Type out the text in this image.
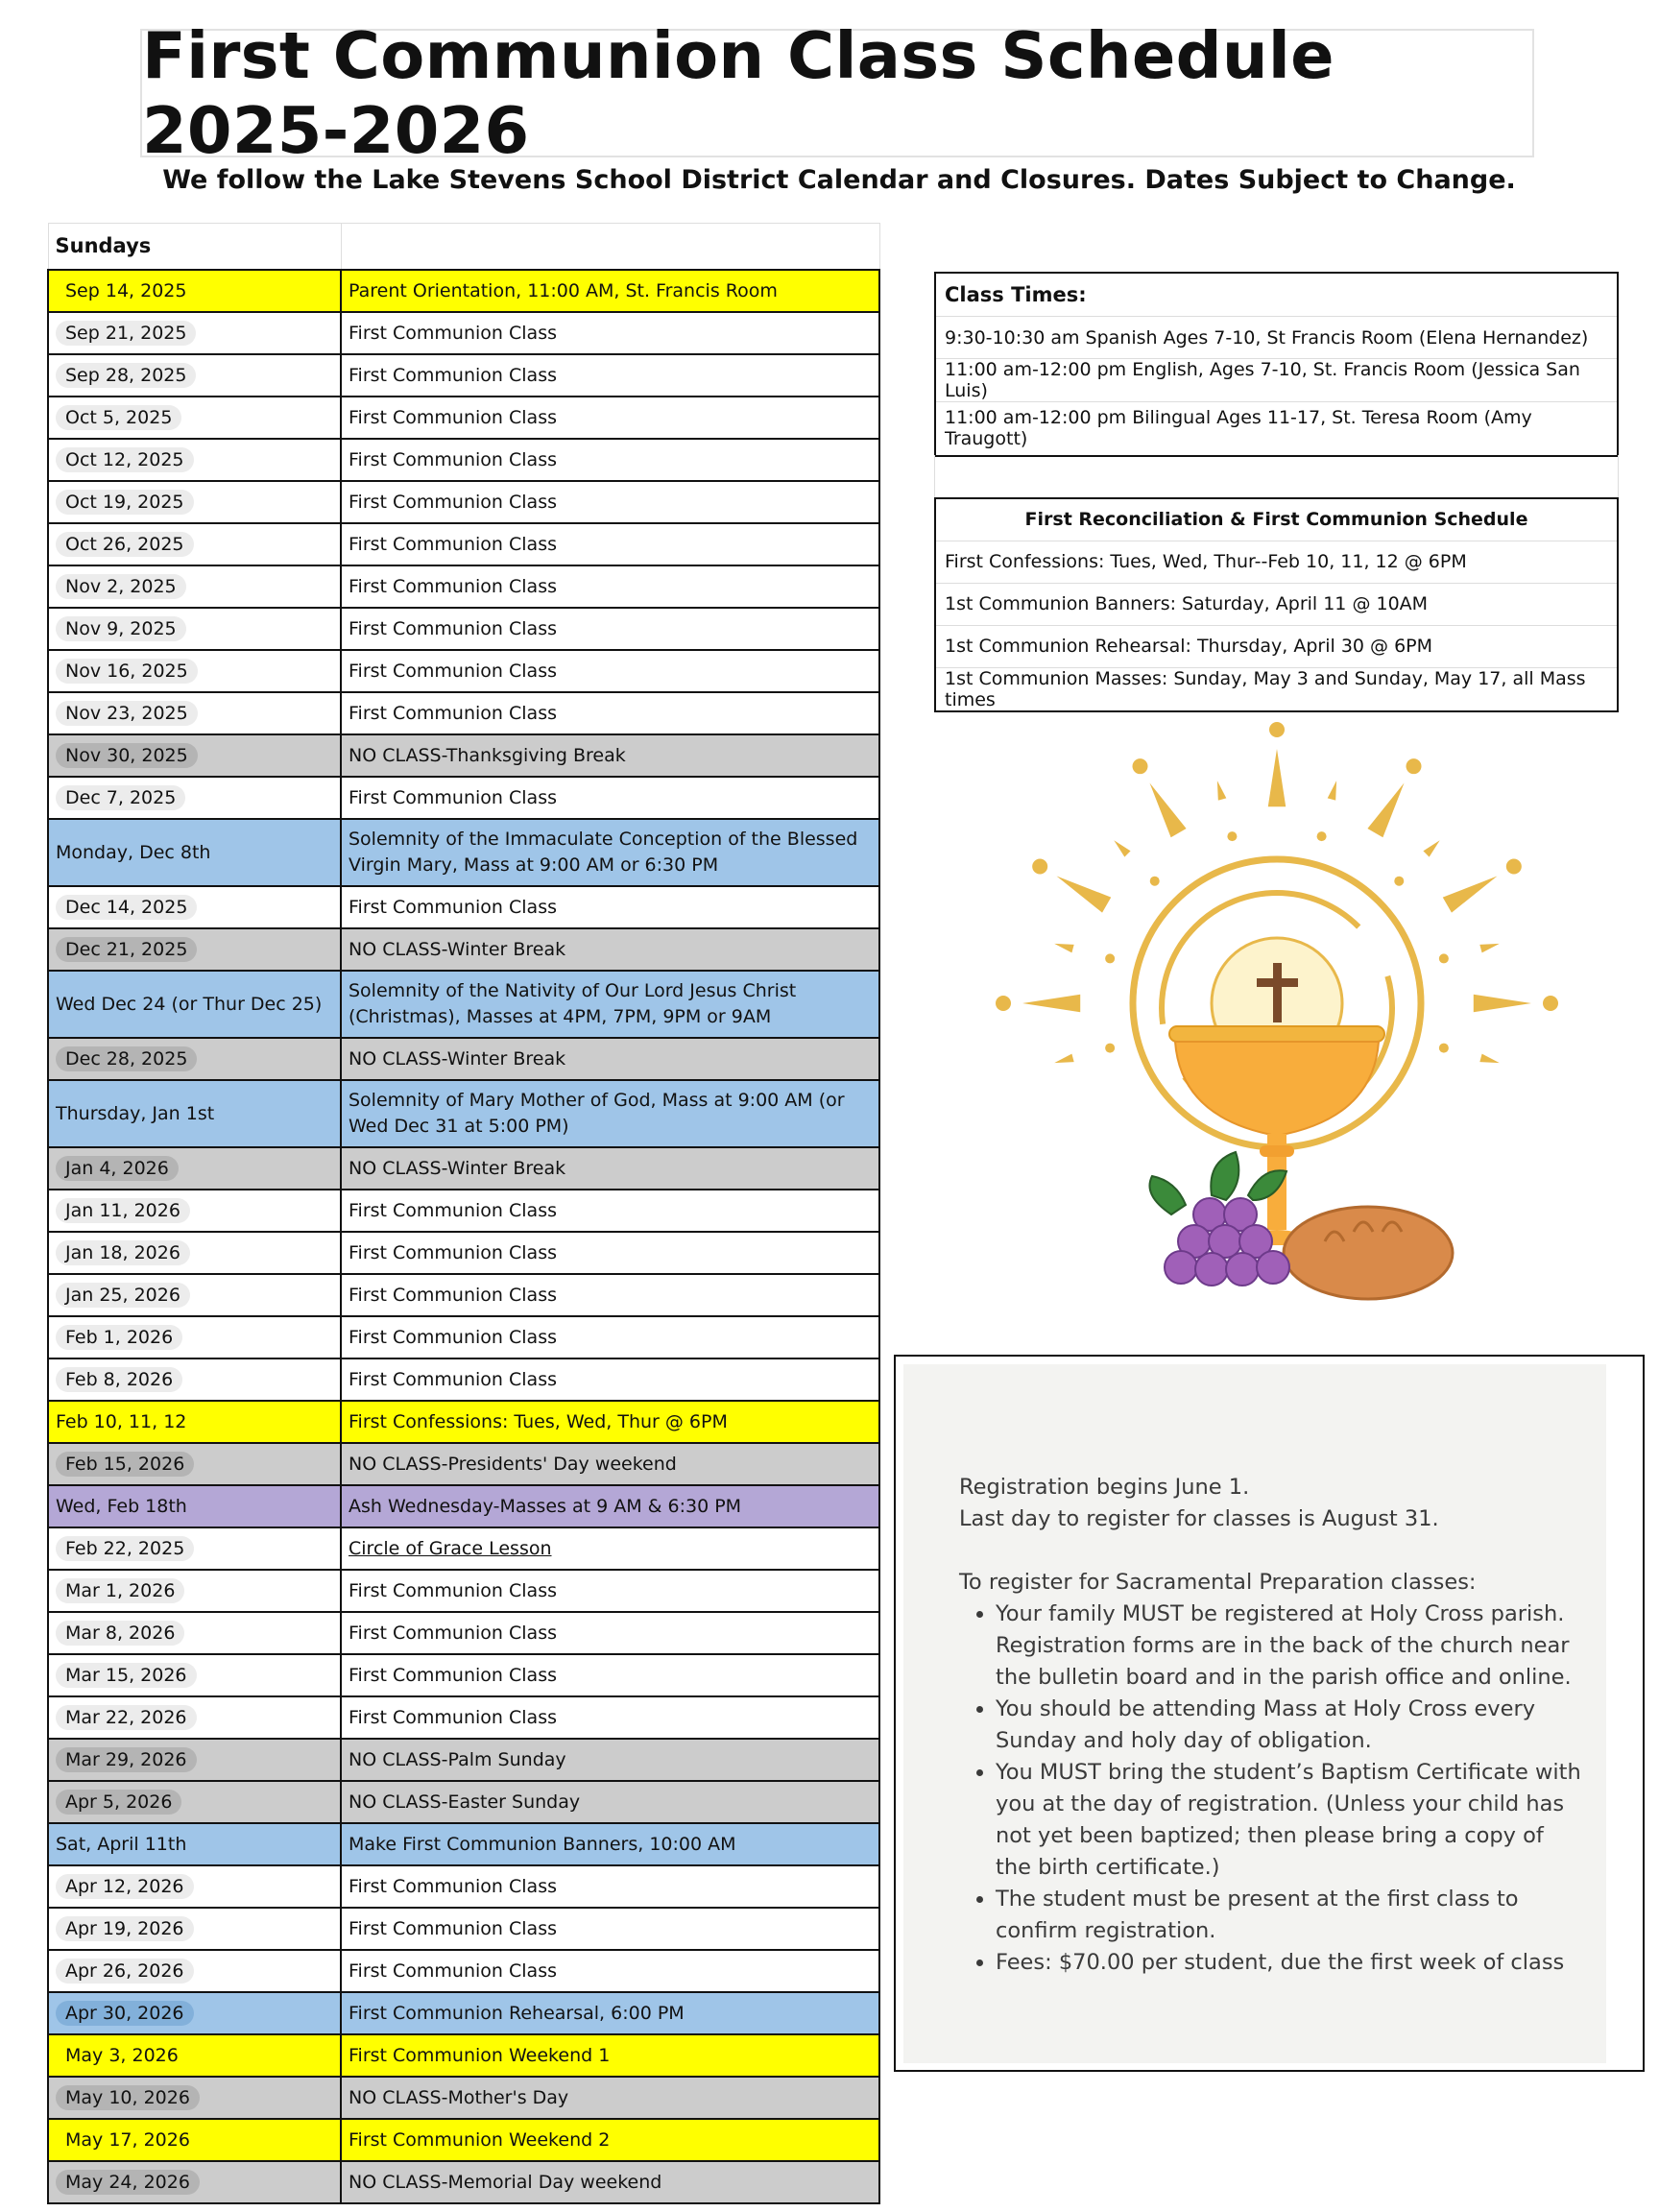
First Communion Class Schedule 2025-2026
We follow the Lake Stevens School District Calendar and Closures. Dates Subject to Change.
Sundays	
Sep 14, 2025	Parent Orientation, 11:00 AM, St. Francis Room
Sep 21, 2025	First Communion Class
Sep 28, 2025	First Communion Class
Oct 5, 2025	First Communion Class
Oct 12, 2025	First Communion Class
Oct 19, 2025	First Communion Class
Oct 26, 2025	First Communion Class
Nov 2, 2025	First Communion Class
Nov 9, 2025	First Communion Class
Nov 16, 2025	First Communion Class
Nov 23, 2025	First Communion Class
Nov 30, 2025	NO CLASS-Thanksgiving Break
Dec 7, 2025	First Communion Class
Monday, Dec 8th	Solemnity of the Immaculate Conception of the Blessed Virgin Mary, Mass at 9:00 AM or 6:30 PM
Dec 14, 2025	First Communion Class
Dec 21, 2025	NO CLASS-Winter Break
Wed Dec 24 (or Thur Dec 25)	Solemnity of the Nativity of Our Lord Jesus Christ (Christmas), Masses at 4PM, 7PM, 9PM or 9AM
Dec 28, 2025	NO CLASS-Winter Break
Thursday, Jan 1st	Solemnity of Mary Mother of God, Mass at 9:00 AM (or Wed Dec 31 at 5:00 PM)
Jan 4, 2026	NO CLASS-Winter Break
Jan 11, 2026	First Communion Class
Jan 18, 2026	First Communion Class
Jan 25, 2026	First Communion Class
Feb 1, 2026	First Communion Class
Feb 8, 2026	First Communion Class
Feb 10, 11, 12	First Confessions: Tues, Wed, Thur @ 6PM
Feb 15, 2026	NO CLASS-Presidents' Day weekend
Wed, Feb 18th	Ash Wednesday-Masses at 9 AM & 6:30 PM
Feb 22, 2025	Circle of Grace Lesson
Mar 1, 2026	First Communion Class
Mar 8, 2026	First Communion Class
Mar 15, 2026	First Communion Class
Mar 22, 2026	First Communion Class
Mar 29, 2026	NO CLASS-Palm Sunday
Apr 5, 2026	NO CLASS-Easter Sunday
Sat, April 11th	Make First Communion Banners, 10:00 AM
Apr 12, 2026	First Communion Class
Apr 19, 2026	First Communion Class
Apr 26, 2026	First Communion Class
Apr 30, 2026	First Communion Rehearsal, 6:00 PM
May 3, 2026	First Communion Weekend 1
May 10, 2026	NO CLASS-Mother's Day
May 17, 2026	First Communion Weekend 2
May 24, 2026	NO CLASS-Memorial Day weekend
Class Times:
9:30-10:30 am Spanish Ages 7-10, St Francis Room (Elena Hernandez)
11:00 am-12:00 pm English, Ages 7-10, St. Francis Room (Jessica San Luis)
11:00 am-12:00 pm Bilingual Ages 11-17, St. Teresa Room (Amy Traugott)
First Reconciliation & First Communion Schedule
First Confessions: Tues, Wed, Thur--Feb 10, 11, 12 @ 6PM
1st Communion Banners: Saturday, April 11 @ 10AM
1st Communion Rehearsal: Thursday, April 30 @ 6PM
1st Communion Masses: Sunday, May 3 and Sunday, May 17, all Mass times

Registration begins June 1.

Last day to register for classes is August 31.

To register for Sacramental Preparation classes:

• Your family MUST be registered at Holy Cross parish. Registration forms are in the back of the church near the bulletin board and in the parish office and online.
• You should be attending Mass at Holy Cross every Sunday and holy day of obligation.
• You MUST bring the student’s Baptism Certificate with you at the day of registration. (Unless your child has not yet been baptized; then please bring a copy of the birth certificate.)
• The student must be present at the first class to confirm registration.
• Fees: $70.00 per student, due the first week of class
